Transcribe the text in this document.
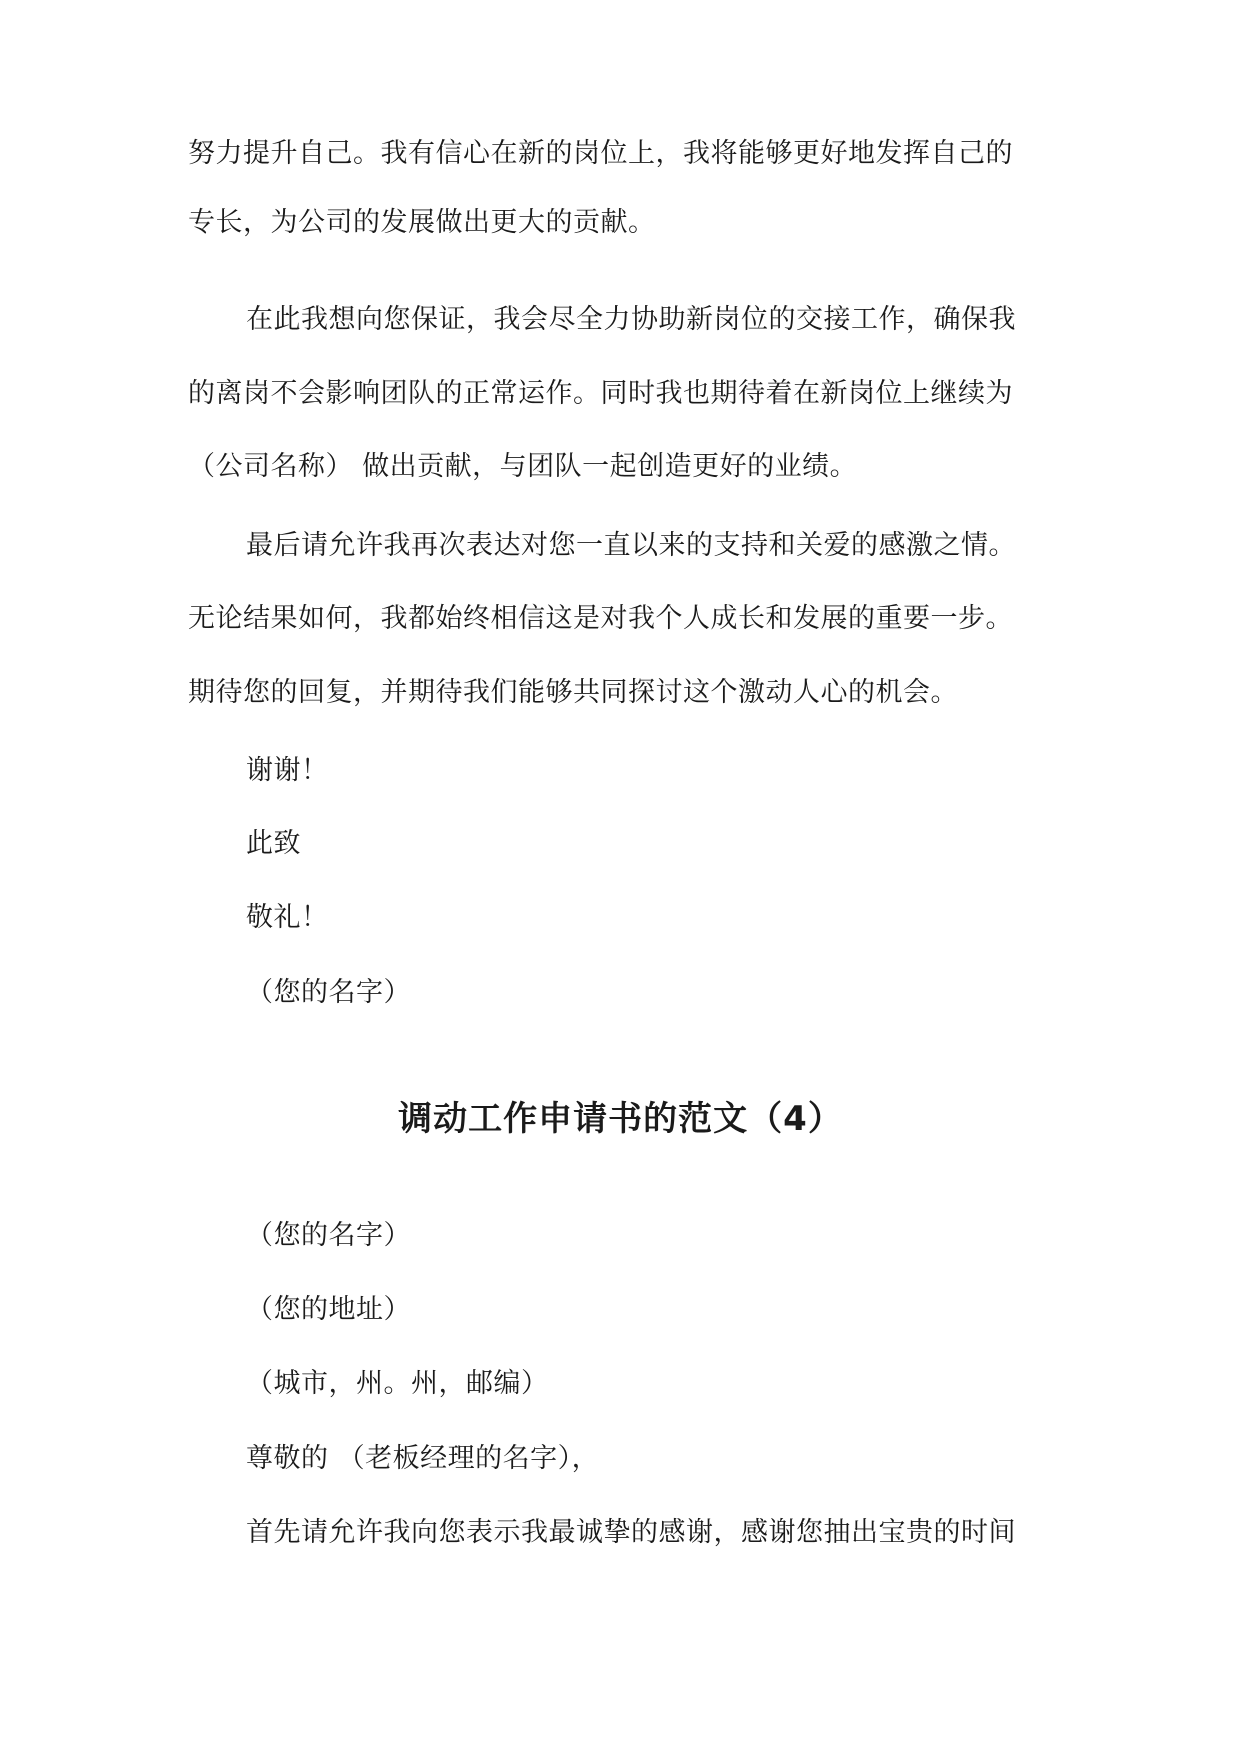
努力提升自己。我有信心在新的岗位上，我将能够更好地发挥自己的
专长，为公司的发展做出更大的贡献。
在此我想向您保证，我会尽全力协助新岗位的交接工作，确保我
的离岗不会影响团队的正常运作。同时我也期待着在新岗位上继续为
（公司名称） 做出贡献，与团队一起创造更好的业绩。
最后请允许我再次表达对您一直以来的支持和关爱的感激之情。
无论结果如何，我都始终相信这是对我个人成长和发展的重要一步。
期待您的回复，并期待我们能够共同探讨这个激动人心的机会。
谢谢！
此致
敬礼！
（您的名字）
调动工作申请书的范文（4）
（您的名字）
（您的地址）
（城市，州。州，邮编）
尊敬的 （老板经理的名字），
首先请允许我向您表示我最诚挚的感谢，感谢您抽出宝贵的时间
